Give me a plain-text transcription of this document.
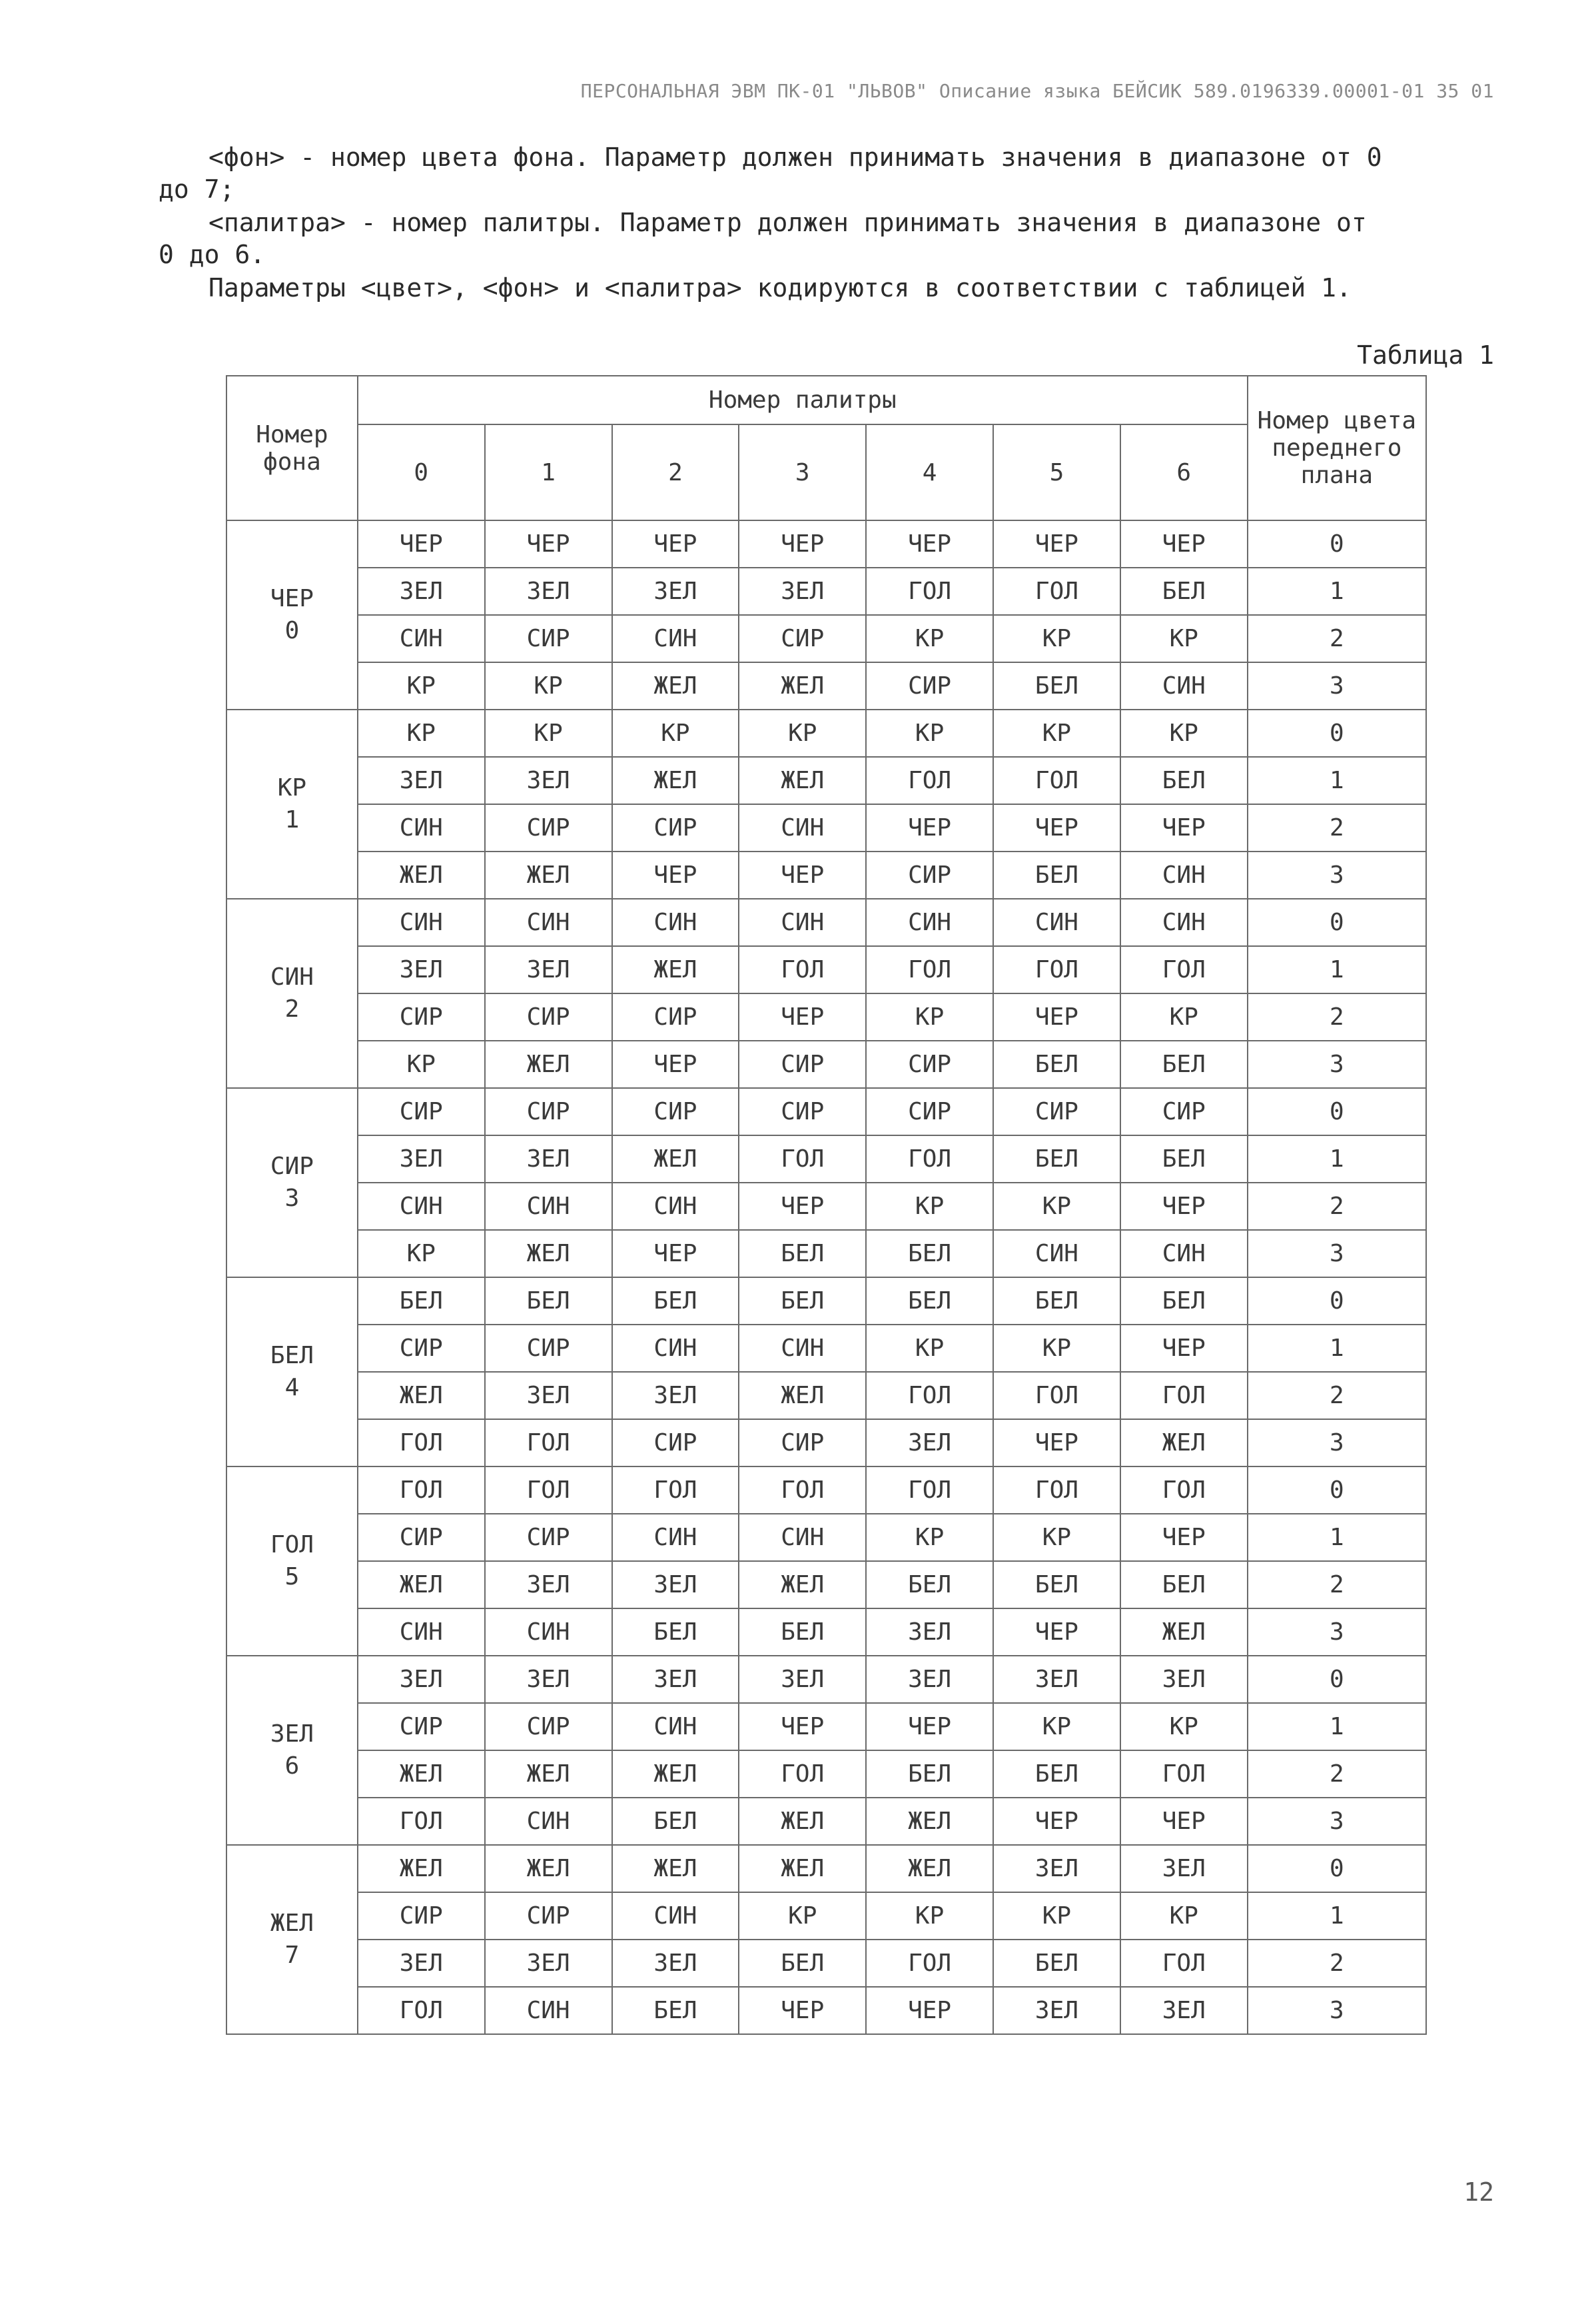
ПЕРСОНАЛЬНАЯ ЭВМ ПК-01 "ЛЬВОВ" Описание языка БЕЙСИК 589.0196339.00001-01 35 01
<фон> - номер цвета фона. Параметр должен принимать значения в диапазоне от 0
до 7;
<палитра> - номер палитры. Параметр должен принимать значения в диапазоне от
0 до 6.
Параметры <цвет>, <фон> и <палитра> кодируются в соответствии с таблицей 1.
Таблица 1
Номер фона	Номер палитры							Номер цвета переднего плана
	0	1	2	3	4	5	6	

ЧЕР
0	ЧЕР	ЧЕР	ЧЕР	ЧЕР	ЧЕР	ЧЕР	ЧЕР	0
	ЗЕЛ	ЗЕЛ	ЗЕЛ	ЗЕЛ	ГОЛ	ГОЛ	БЕЛ	1
	СИН	СИР	СИН	СИР	КР	КР	КР	2
	КР	КР	ЖЕЛ	ЖЕЛ	СИР	БЕЛ	СИН	3

КР
1	КР	КР	КР	КР	КР	КР	КР	0
	ЗЕЛ	ЗЕЛ	ЖЕЛ	ЖЕЛ	ГОЛ	ГОЛ	БЕЛ	1
	СИН	СИР	СИР	СИН	ЧЕР	ЧЕР	ЧЕР	2
	ЖЕЛ	ЖЕЛ	ЧЕР	ЧЕР	СИР	БЕЛ	СИН	3

СИН
2	СИН	СИН	СИН	СИН	СИН	СИН	СИН	0
	ЗЕЛ	ЗЕЛ	ЖЕЛ	ГОЛ	ГОЛ	ГОЛ	ГОЛ	1
	СИР	СИР	СИР	ЧЕР	КР	ЧЕР	КР	2
	КР	ЖЕЛ	ЧЕР	СИР	СИР	БЕЛ	БЕЛ	3

СИР
3	СИР	СИР	СИР	СИР	СИР	СИР	СИР	0
	ЗЕЛ	ЗЕЛ	ЖЕЛ	ГОЛ	ГОЛ	БЕЛ	БЕЛ	1
	СИН	СИН	СИН	ЧЕР	КР	КР	ЧЕР	2
	КР	ЖЕЛ	ЧЕР	БЕЛ	БЕЛ	СИН	СИН	3

БЕЛ
4	БЕЛ	БЕЛ	БЕЛ	БЕЛ	БЕЛ	БЕЛ	БЕЛ	0
	СИР	СИР	СИН	СИН	КР	КР	ЧЕР	1
	ЖЕЛ	ЗЕЛ	ЗЕЛ	ЖЕЛ	ГОЛ	ГОЛ	ГОЛ	2
	ГОЛ	ГОЛ	СИР	СИР	ЗЕЛ	ЧЕР	ЖЕЛ	3

ГОЛ
5	ГОЛ	ГОЛ	ГОЛ	ГОЛ	ГОЛ	ГОЛ	ГОЛ	0
	СИР	СИР	СИН	СИН	КР	КР	ЧЕР	1
	ЖЕЛ	ЗЕЛ	ЗЕЛ	ЖЕЛ	БЕЛ	БЕЛ	БЕЛ	2
	СИН	СИН	БЕЛ	БЕЛ	ЗЕЛ	ЧЕР	ЖЕЛ	3

ЗЕЛ
6	ЗЕЛ	ЗЕЛ	ЗЕЛ	ЗЕЛ	ЗЕЛ	ЗЕЛ	ЗЕЛ	0
	СИР	СИР	СИН	ЧЕР	ЧЕР	КР	КР	1
	ЖЕЛ	ЖЕЛ	ЖЕЛ	ГОЛ	БЕЛ	БЕЛ	ГОЛ	2
	ГОЛ	СИН	БЕЛ	ЖЕЛ	ЖЕЛ	ЧЕР	ЧЕР	3

ЖЕЛ
7	ЖЕЛ	ЖЕЛ	ЖЕЛ	ЖЕЛ	ЖЕЛ	ЗЕЛ	ЗЕЛ	0
	СИР	СИР	СИН	КР	КР	КР	КР	1
	ЗЕЛ	ЗЕЛ	ЗЕЛ	БЕЛ	ГОЛ	БЕЛ	ГОЛ	2
	ГОЛ	СИН	БЕЛ	ЧЕР	ЧЕР	ЗЕЛ	ЗЕЛ	3
12
